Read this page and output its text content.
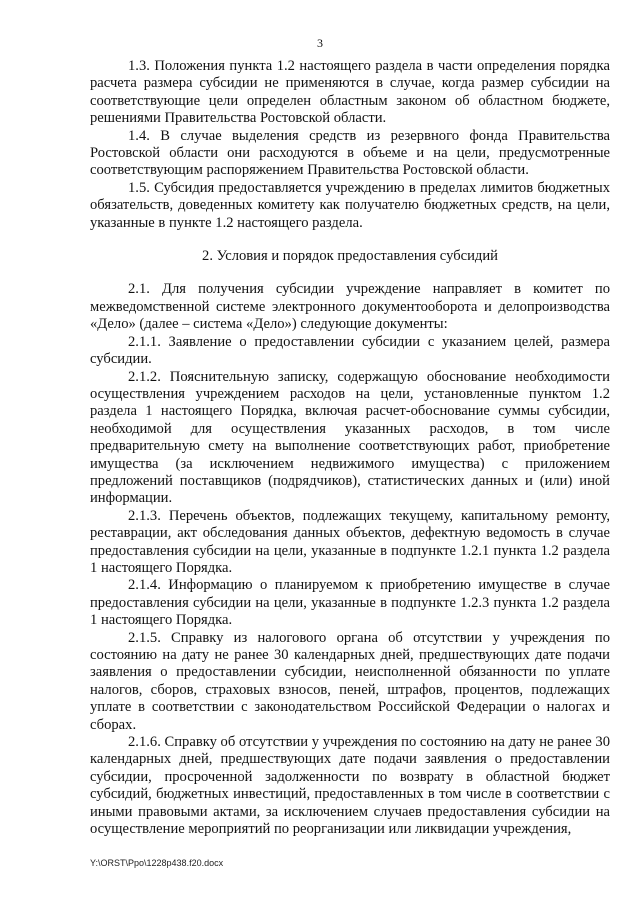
3

1.3. Положения пункта 1.2 настоящего раздела в части определения порядка расчета размера субсидии не применяются в случае, когда размер субсидии на соответствующие цели определен областным законом об областном бюджете, решениями Правительства Ростовской области.

1.4. В случае выделения средств из резервного фонда Правительства Ростовской области они расходуются в объеме и на цели, предусмотренные соответствующим распоряжением Правительства Ростовской области.

1.5. Субсидия предоставляется учреждению в пределах лимитов бюджетных обязательств, доведенных комитету как получателю бюджетных средств, на цели, указанные в пункте 1.2 настоящего раздела.

2. Условия и порядок предоставления субсидий

2.1. Для получения субсидии учреждение направляет в комитет по межведомственной системе электронного документооборота и делопроизводства «Дело» (далее – система «Дело») следующие документы:

2.1.1. Заявление о предоставлении субсидии с указанием целей, размера субсидии.

2.1.2. Пояснительную записку, содержащую обоснование необходимости осуществления учреждением расходов на цели, установленные пунктом 1.2 раздела 1 настоящего Порядка, включая расчет-обоснование суммы субсидии, необходимой для осуществления указанных расходов, в том числе предварительную смету на выполнение соответствующих работ, приобретение имущества (за исключением недвижимого имущества) с приложением предложений поставщиков (подрядчиков), статистических данных и (или) иной информации.

2.1.3. Перечень объектов, подлежащих текущему, капитальному ремонту, реставрации, акт обследования данных объектов, дефектную ведомость в случае предоставления субсидии на цели, указанные в подпункте 1.2.1 пункта 1.2 раздела 1 настоящего Порядка.

2.1.4. Информацию о планируемом к приобретению имуществе в случае предоставления субсидии на цели, указанные в подпункте 1.2.3 пункта 1.2 раздела 1 настоящего Порядка.

2.1.5. Справку из налогового органа об отсутствии у учреждения по состоянию на дату не ранее 30 календарных дней, предшествующих дате подачи заявления о предоставлении субсидии, неисполненной обязанности по уплате налогов, сборов, страховых взносов, пеней, штрафов, процентов, подлежащих уплате в соответствии с законодательством Российской Федерации о налогах и сборах.

2.1.6. Справку об отсутствии у учреждения по состоянию на дату не ранее 30 календарных дней, предшествующих дате подачи заявления о предоставлении субсидии, просроченной задолженности по возврату в областной бюджет субсидий, бюджетных инвестиций, предоставленных в том числе в соответствии с иными правовыми актами, за исключением случаев предоставления субсидии на осуществление мероприятий по реорганизации или ликвидации учреждения,

Y:\ORST\Ppo\1228p438.f20.docx
